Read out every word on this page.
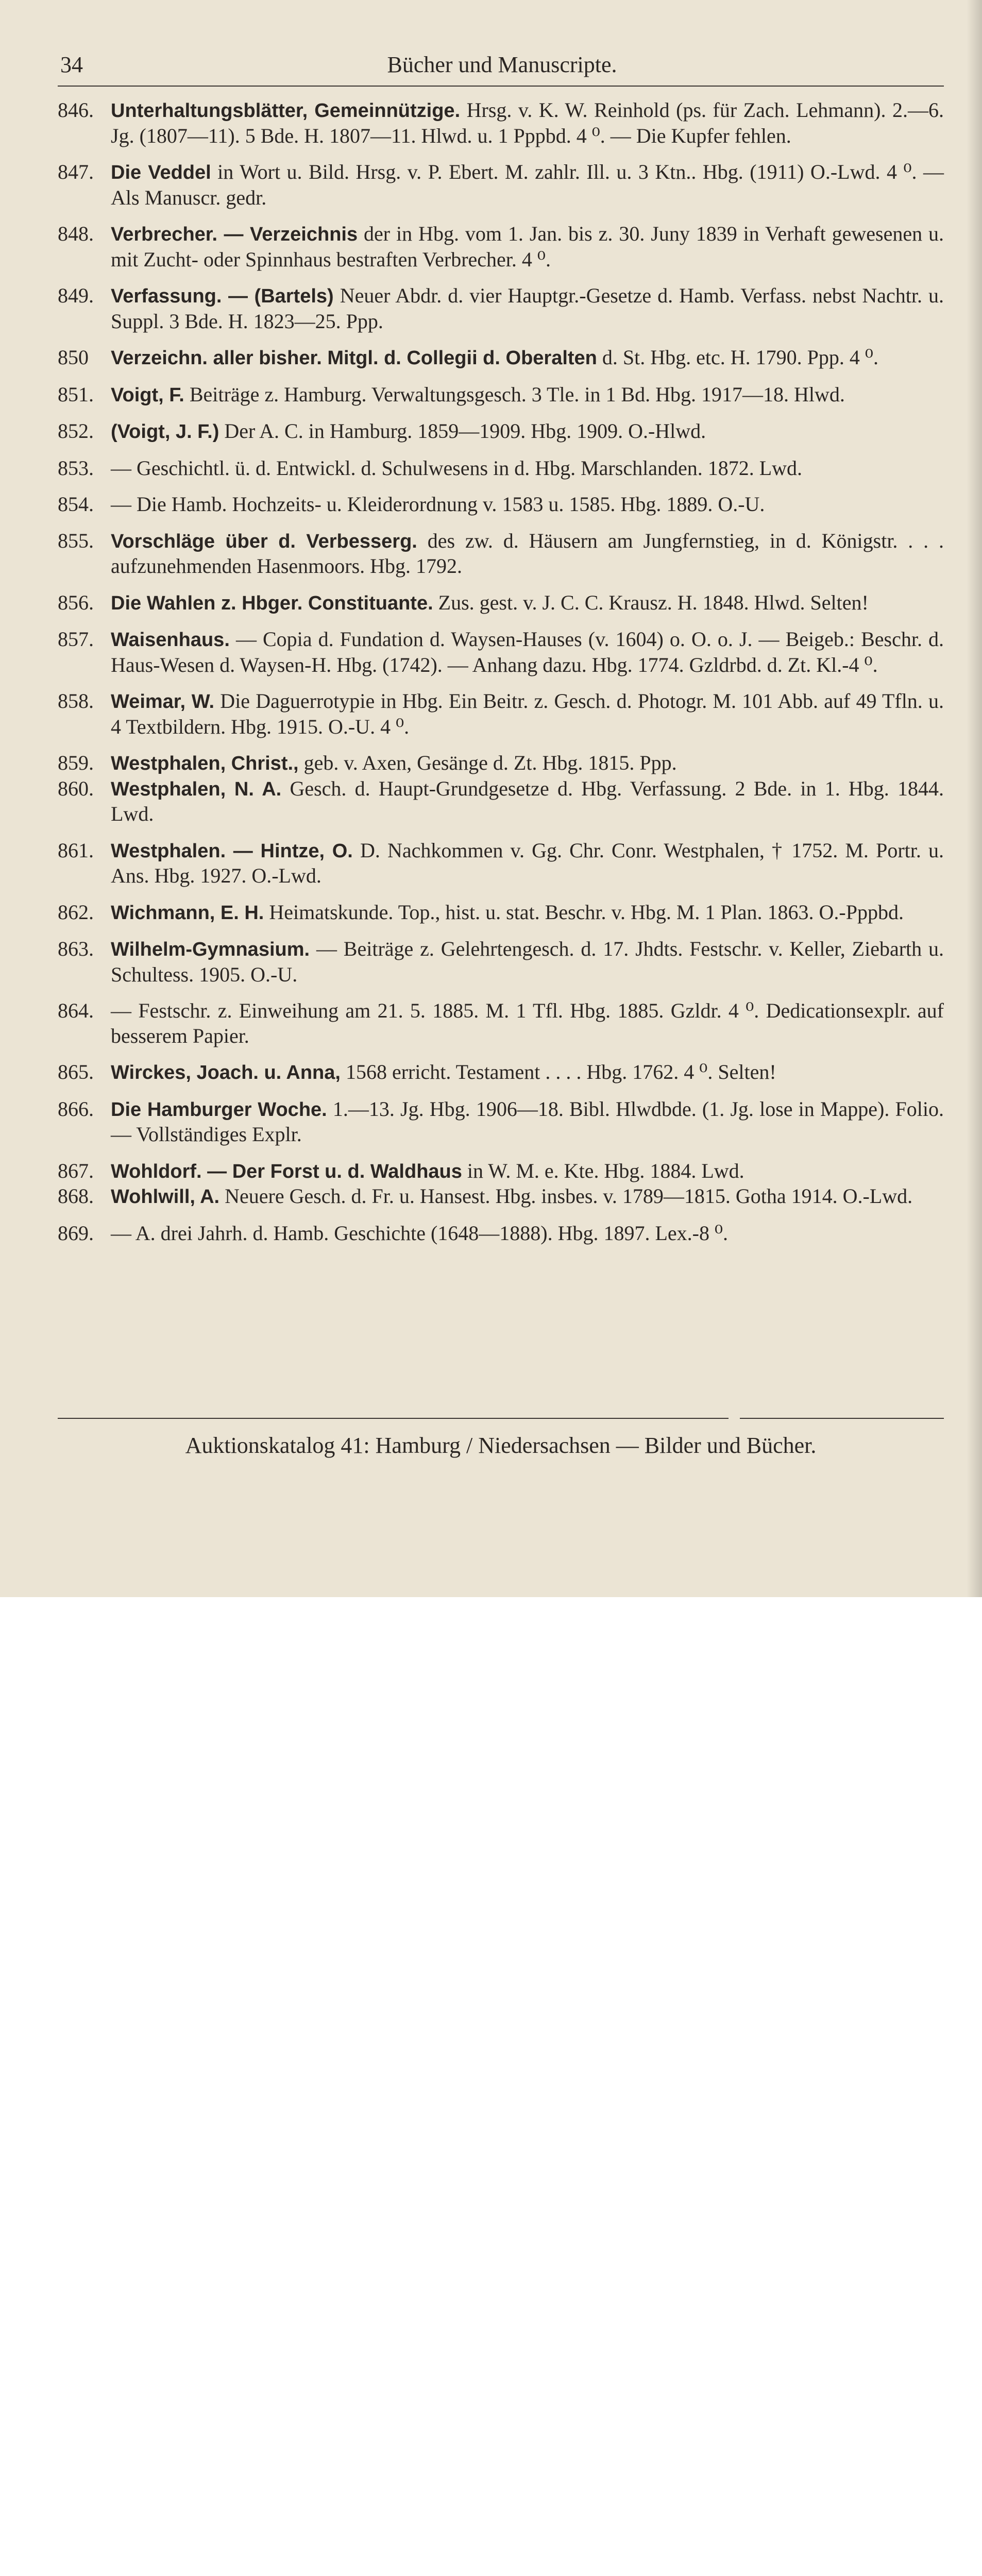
34	Bücher und Manuscripte.
846. Unterhaltungsblätter, Gemeinnützige. Hrsg. v. K. W. Reinhold (ps. für Zach. Lehmann). 2.—6. Jg. (1807—11). 5 Bde. H. 1807—11. Hlwd. u. 1 Pppbd. 4 ⁰. — Die Kupfer fehlen.
847. Die Veddel in Wort u. Bild. Hrsg. v. P. Ebert. M. zahlr. Ill. u. 3 Ktn.. Hbg. (1911) O.-Lwd. 4 ⁰. — Als Manuscr. gedr.
848. Verbrecher. — Verzeichnis der in Hbg. vom 1. Jan. bis z. 30. Juny 1839 in Verhaft gewesenen u. mit Zucht- oder Spinnhaus bestraften Verbrecher. 4 ⁰.
849. Verfassung. — (Bartels) Neuer Abdr. d. vier Hauptgr.-Gesetze d. Hamb. Verfass. nebst Nachtr. u. Suppl. 3 Bde. H. 1823—25. Ppp.
850 Verzeichn. aller bisher. Mitgl. d. Collegii d. Oberalten d. St. Hbg. etc. H. 1790. Ppp. 4 ⁰.
851. Voigt, F. Beiträge z. Hamburg. Verwaltungsgesch. 3 Tle. in 1 Bd. Hbg. 1917—18. Hlwd.
852. (Voigt, J. F.) Der A. C. in Hamburg. 1859—1909. Hbg. 1909. O.-Hlwd.
853. — Geschichtl. ü. d. Entwickl. d. Schulwesens in d. Hbg. Marschlanden. 1872. Lwd.
854. — Die Hamb. Hochzeits- u. Kleiderordnung v. 1583 u. 1585. Hbg. 1889. O.-U.
855. Vorschläge über d. Verbesserg. des zw. d. Häusern am Jungfernstieg, in d. Königstr. . . . aufzunehmenden Hasenmoors. Hbg. 1792.
856. Die Wahlen z. Hbger. Constituante. Zus. gest. v. J. C. C. Krausz. H. 1848. Hlwd. Selten!
857. Waisenhaus. — Copia d. Fundation d. Waysen-Hauses (v. 1604) o. O. o. J. — Beigeb.: Beschr. d. Haus-Wesen d. Waysen-H. Hbg. (1742). — Anhang dazu. Hbg. 1774. Gzldrbd. d. Zt. Kl.-4 ⁰.
858. Weimar, W. Die Daguerrotypie in Hbg. Ein Beitr. z. Gesch. d. Photogr. M. 101 Abb. auf 49 Tfln. u. 4 Textbildern. Hbg. 1915. O.-U. 4 ⁰.
859. Westphalen, Christ., geb. v. Axen, Gesänge d. Zt. Hbg. 1815. Ppp.
860. Westphalen, N. A. Gesch. d. Haupt-Grundgesetze d. Hbg. Verfassung. 2 Bde. in 1. Hbg. 1844. Lwd.
861. Westphalen. — Hintze, O. D. Nachkommen v. Gg. Chr. Conr. Westphalen, † 1752. M. Portr. u. Ans. Hbg. 1927. O.-Lwd.
862. Wichmann, E. H. Heimatskunde. Top., hist. u. stat. Beschr. v. Hbg. M. 1 Plan. 1863. O.-Pppbd.
863. Wilhelm-Gymnasium. — Beiträge z. Gelehrtengesch. d. 17. Jhdts. Festschr. v. Keller, Ziebarth u. Schultess. 1905. O.-U.
864. — Festschr. z. Einweihung am 21. 5. 1885. M. 1 Tfl. Hbg. 1885. Gzldr. 4 ⁰. Dedicationsexplr. auf besserem Papier.
865. Wirckes, Joach. u. Anna, 1568 erricht. Testament . . . . Hbg. 1762. 4 ⁰. Selten!
866. Die Hamburger Woche. 1.—13. Jg. Hbg. 1906—18. Bibl. Hlwdbde. (1. Jg. lose in Mappe). Folio. — Vollständiges Explr.
867. Wohldorf. — Der Forst u. d. Waldhaus in W. M. e. Kte. Hbg. 1884. Lwd.
868. Wohlwill, A. Neuere Gesch. d. Fr. u. Hansest. Hbg. insbes. v. 1789—1815. Gotha 1914. O.-Lwd.
869. — A. drei Jahrh. d. Hamb. Geschichte (1648—1888). Hbg. 1897. Lex.-8 ⁰.
Auktionskatalog 41: Hamburg / Niedersachsen — Bilder und Bücher.
